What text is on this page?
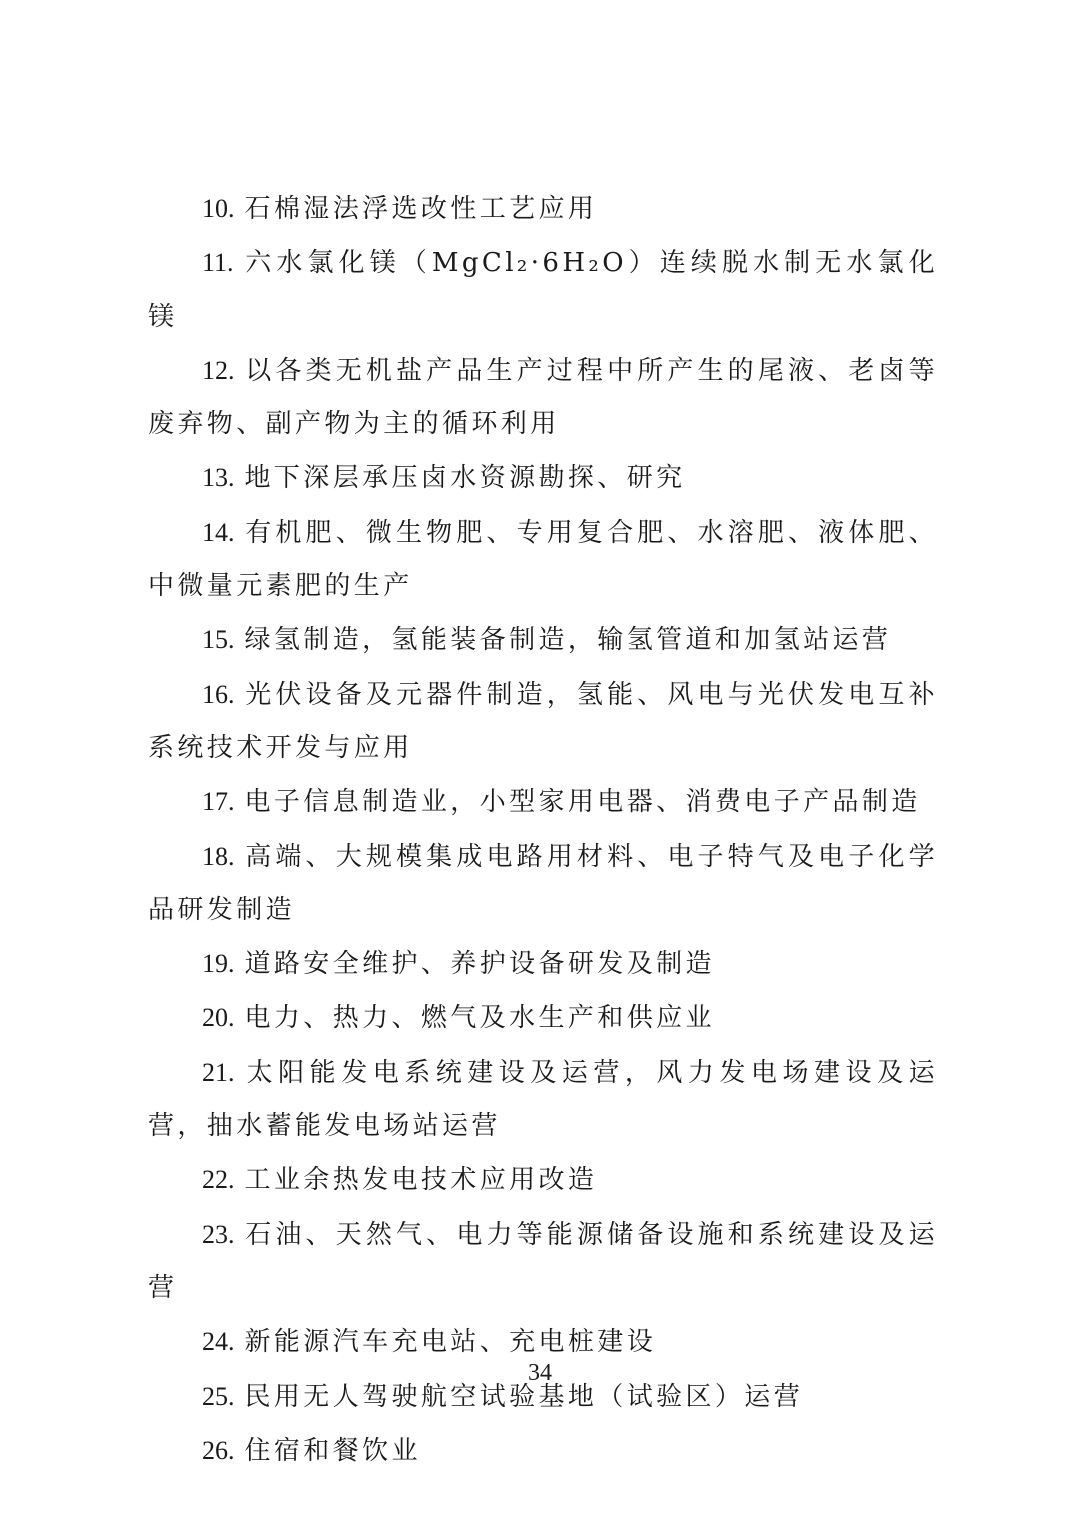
10. 石棉湿法浮选改性工艺应用

11. 六水氯化镁（MgCl₂·6H₂O）连续脱水制无水氯化镁

12. 以各类无机盐产品生产过程中所产生的尾液、老卤等废弃物、副产物为主的循环利用

13. 地下深层承压卤水资源勘探、研究

14. 有机肥、微生物肥、专用复合肥、水溶肥、液体肥、中微量元素肥的生产

15. 绿氢制造，氢能装备制造，输氢管道和加氢站运营

16. 光伏设备及元器件制造，氢能、风电与光伏发电互补系统技术开发与应用

17. 电子信息制造业，小型家用电器、消费电子产品制造

18. 高端、大规模集成电路用材料、电子特气及电子化学品研发制造

19. 道路安全维护、养护设备研发及制造

20. 电力、热力、燃气及水生产和供应业

21. 太阳能发电系统建设及运营，风力发电场建设及运营，抽水蓄能发电场站运营

22. 工业余热发电技术应用改造

23. 石油、天然气、电力等能源储备设施和系统建设及运营

24. 新能源汽车充电站、充电桩建设

25. 民用无人驾驶航空试验基地（试验区）运营

26. 住宿和餐饮业

34
